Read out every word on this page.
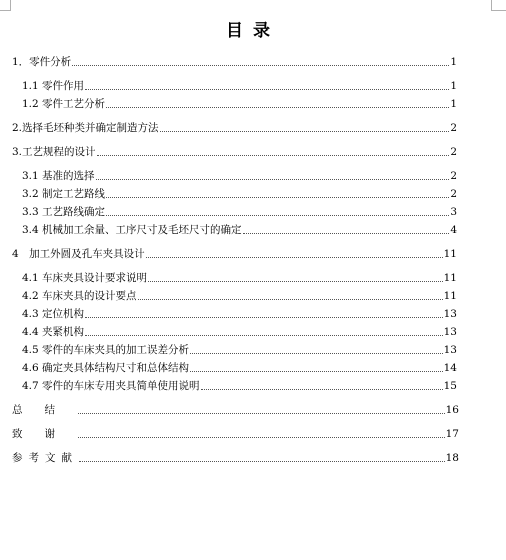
目录
1．零件分析	1
1.1 零件作用	1
1.2 零件工艺分析	1
2.选择毛坯种类并确定制造方法	2
3.工艺规程的设计	2
3.1 基准的选择	2
3.2 制定工艺路线	2
3.3 工艺路线确定	3
3.4 机械加工余量、工序尺寸及毛坯尺寸的确定	4
4　加工外圆及孔车夹具设计	11
4.1 车床夹具设计要求说明	11
4.2 车床夹具的设计要点	11
4.3 定位机构	13
4.4 夹紧机构	13
4.5 零件的车床夹具的加工误差分析	13
4.6 确定夹具体结构尺寸和总体结构	14
4.7 零件的车床专用夹具简单使用说明	15
总结	16
致谢	17
参考文献	18
